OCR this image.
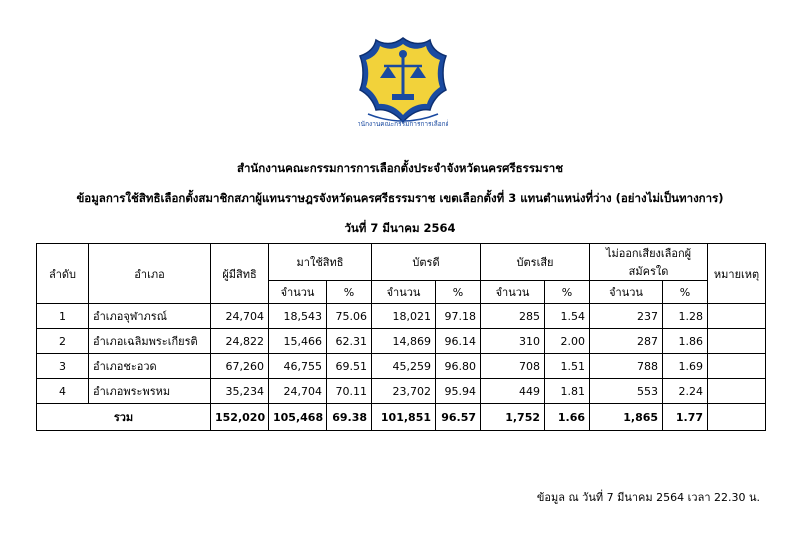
สำนักงานคณะกรรมการการเลือกตั้ง
สำนักงานคณะกรรมการการเลือกตั้งประจำจังหวัดนครศรีธรรมราช
ข้อมูลการใช้สิทธิเลือกตั้งสมาชิกสภาผู้แทนราษฎรจังหวัดนครศรีธรรมราช เขตเลือกตั้งที่ 3 แทนตำแหน่งที่ว่าง (อย่างไม่เป็นทางการ)
วันที่ 7 มีนาคม 2564
ลำดับ	อำเภอ	ผู้มีสิทธิ	มาใช้สิทธิ		บัตรดี		บัตรเสีย		ไม่ออกเสียงเลือกผู้สมัครใด		หมายเหตุ
			จำนวน	%	จำนวน	%	จำนวน	%	จำนวน	%	
1	อำเภอจุฬาภรณ์	24,704	18,543	75.06	18,021	97.18	285	1.54	237	1.28	
2	อำเภอเฉลิมพระเกียรติ	24,822	15,466	62.31	14,869	96.14	310	2.00	287	1.86	
3	อำเภอชะอวด	67,260	46,755	69.51	45,259	96.80	708	1.51	788	1.69	
4	อำเภอพระพรหม	35,234	24,704	70.11	23,702	95.94	449	1.81	553	2.24	
รวม		152,020	105,468	69.38	101,851	96.57	1,752	1.66	1,865	1.77	
ข้อมูล ณ วันที่ 7 มีนาคม 2564 เวลา 22.30 น.
